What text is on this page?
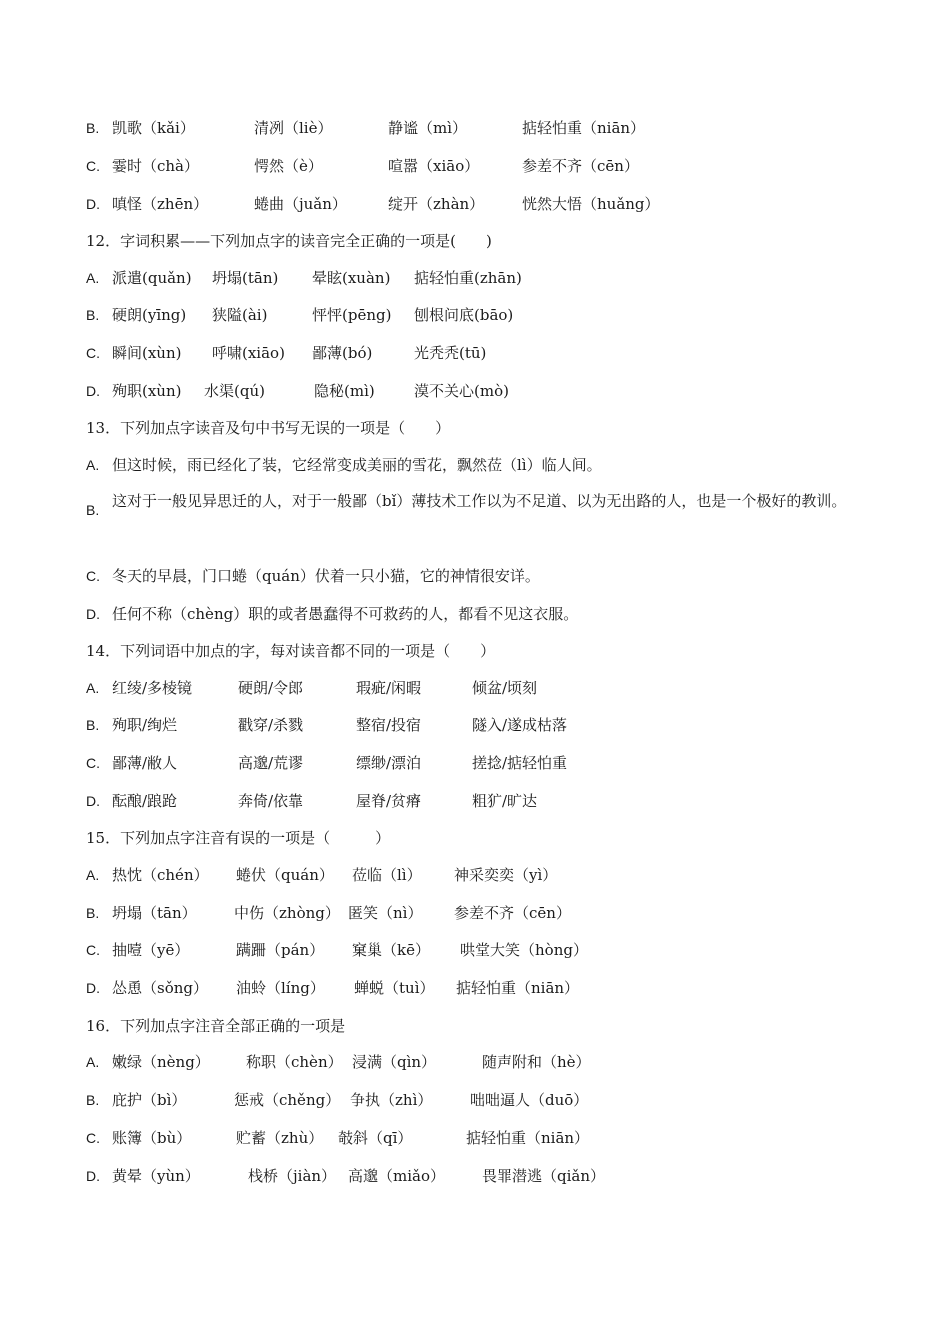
B. 凯歌（kǎi）	清冽（liè）	静谧（mì）	掂轻怕重（niān）
C. 霎时（chà）	愕然（è）	喧嚣（xiāo）	参差不齐（cēn）
D. 嗔怪（zhēn）	蜷曲（juǎn）	绽开（zhàn）	恍然大悟（huǎng）
12．字词积累——下列加点字的读音完全正确的一项是(　　)
A. 派遣(quǎn) 坍塌(tān) 晕眩(xuàn) 掂轻怕重(zhān)
B. 硬朗(yīng) 狭隘(ài)	怦怦(pēng) 刨根问底(bāo)
C. 瞬间(xùn) 呼啸(xiāo) 鄙薄(bó)	光秃秃(tū)
D. 殉职(xùn) 水渠(qú)	隐秘(mì)	漠不关心(mò)
13．下列加点字读音及句中书写无误的一项是（　　）
A. 但这时候，雨已经化了装，它经常变成美丽的雪花，飘然莅（lì）临人间。
B. 这对于一般见异思迁的人，对于一般鄙（bǐ）薄技术工作以为不足道、以为无出路的人，也是一个极好的教训。
C. 冬天的早晨，门口蜷（quán）伏着一只小猫，它的神情很安详。
D. 任何不称（chèng）职的或者愚蠢得不可救药的人，都看不见这衣服。
14．下列词语中加点的字，每对读音都不同的一项是（　　）
A. 红绫/多棱镜	硬朗/令郎	瑕疵/闲暇	倾盆/顷刻
B. 殉职/绚烂	戳穿/杀戮	整宿/投宿	隧入/遂成枯落
C. 鄙薄/敝人	高邈/荒谬	缥缈/漂泊	搓捻/掂轻怕重
D. 酝酿/踉跄	奔倚/依靠	屋脊/贫瘠	粗犷/旷达
15．下列加点字注音有误的一项是（　　　）
A. 热忱（chén） 蜷伏（quán） 莅临（lì） 神采奕奕（yì）
B. 坍塌（tān） 中伤（zhòng） 匿笑（nì） 参差不齐（cēn）
C. 抽噎（yē）	蹒跚（pán） 窠巢（kē） 哄堂大笑（hòng）
D. 怂恿（sǒng） 油蛉（líng） 蝉蜕（tuì） 掂轻怕重（niān）
16．下列加点字注音全部正确的一项是
A. 嫩绿（nèng） 称职（chèn） 浸满（qìn）	随声附和（hè）
B. 庇护（bì）	惩戒（chěng） 争执（zhì）	咄咄逼人（duō）
C. 账簿（bù）	贮蓄（zhù） 攲斜（qī）	掂轻怕重（niān）
D. 黄晕（yùn）	栈桥（jiàn） 高邈（miǎo） 畏罪潜逃（qiǎn）
